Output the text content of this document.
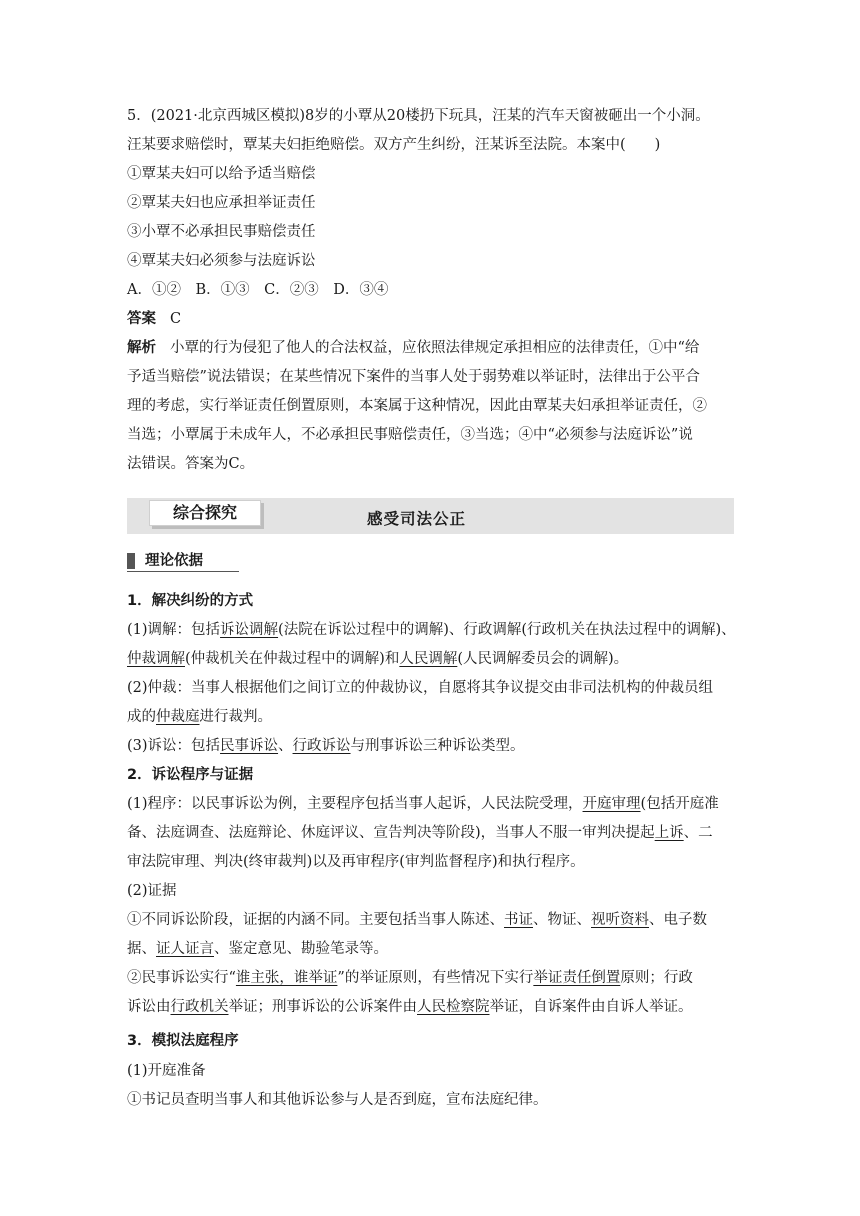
5．(2021·北京西城区模拟)8岁的小覃从20楼扔下玩具，汪某的汽车天窗被砸出一个小洞。
汪某要求赔偿时，覃某夫妇拒绝赔偿。双方产生纠纷，汪某诉至法院。本案中(　　)
①覃某夫妇可以给予适当赔偿
②覃某夫妇也应承担举证责任
③小覃不必承担民事赔偿责任
④覃某夫妇必须参与法庭诉讼
A．①②　B．①③　C．②③　D．③④
答案 C
解析 小覃的行为侵犯了他人的合法权益，应依照法律规定承担相应的法律责任，①中“给
予适当赔偿”说法错误；在某些情况下案件的当事人处于弱势难以举证时，法律出于公平合
理的考虑，实行举证责任倒置原则，本案属于这种情况，因此由覃某夫妇承担举证责任，②
当选；小覃属于未成年人，不必承担民事赔偿责任，③当选；④中“必须参与法庭诉讼”说
法错误。答案为C。
综合探究	感受司法公正
理论依据
1．解决纠纷的方式
(1)调解：包括诉讼调解(法院在诉讼过程中的调解)、行政调解(行政机关在执法过程中的调解)、
仲裁调解(仲裁机关在仲裁过程中的调解)和人民调解(人民调解委员会的调解)。
(2)仲裁：当事人根据他们之间订立的仲裁协议，自愿将其争议提交由非司法机构的仲裁员组
成的仲裁庭进行裁判。
(3)诉讼：包括民事诉讼、行政诉讼与刑事诉讼三种诉讼类型。
2．诉讼程序与证据
(1)程序：以民事诉讼为例，主要程序包括当事人起诉，人民法院受理，开庭审理(包括开庭准
备、法庭调查、法庭辩论、休庭评议、宣告判决等阶段)，当事人不服一审判决提起上诉、二
审法院审理、判决(终审裁判)以及再审程序(审判监督程序)和执行程序。
(2)证据
①不同诉讼阶段，证据的内涵不同。主要包括当事人陈述、书证、物证、视听资料、电子数
据、证人证言、鉴定意见、勘验笔录等。
②民事诉讼实行“谁主张，谁举证”的举证原则，有些情况下实行举证责任倒置原则；行政
诉讼由行政机关举证；刑事诉讼的公诉案件由人民检察院举证，自诉案件由自诉人举证。
3．模拟法庭程序
(1)开庭准备
①书记员查明当事人和其他诉讼参与人是否到庭，宣布法庭纪律。
